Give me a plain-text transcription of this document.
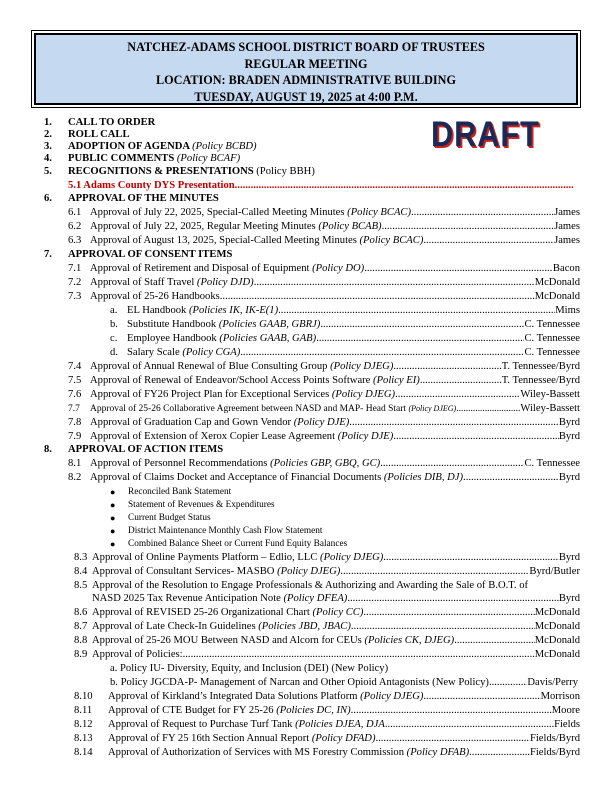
NATCHEZ-ADAMS SCHOOL DISTRICT BOARD OF TRUSTEES
REGULAR MEETING
LOCATION: BRADEN ADMINISTRATIVE BUILDING
TUESDAY, AUGUST 19, 2025 at 4:00 P.M.
DRAFT
1. CALL TO ORDER
2. ROLL CALL
3. ADOPTION OF AGENDA (Policy BCBD)
4. PUBLIC COMMENTS (Policy BCAF)
5. RECOGNITIONS & PRESENTATIONS (Policy BBH)
5.1 Adams County DYS Presentation
.....
6. APPROVAL OF THE MINUTES
6.1 Approval of July 22, 2025, Special-Called Meeting Minutes (Policy BCAC) .....	James
6.2 Approval of July 22, 2025, Regular Meeting Minutes (Policy BCAB) .....	James
6.3 Approval of August 13, 2025, Special-Called Meeting Minutes (Policy BCAC) .....	James
7. APPROVAL OF CONSENT ITEMS
7.1 Approval of Retirement and Disposal of Equipment (Policy DO) .....	Bacon
7.2 Approval of Staff Travel (Policy DJD) .....	McDonald
7.3 Approval of 25-26 Handbooks .....	McDonald
a. EL Handbook (Policies IK, IK-E(1) .....	Mims
b. Substitute Handbook (Policies GAAB, GBRJ) .....	C. Tennessee
c. Employee Handbook (Policies GAAB, GAB) .....	C. Tennessee
d. Salary Scale (Policy CGA) .....	C. Tennessee
7.4 Approval of Annual Renewal of Blue Consulting Group (Policy DJEG) .....	T. Tennessee/Byrd
7.5 Approval of Renewal of Endeavor/School Access Points Software (Policy EI) .....	T. Tennessee/Byrd
7.6 Approval of FY26 Project Plan for Exceptional Services (Policy DJEG) .....	Wiley-Bassett
7.7 Approval of 25-26 Collaborative Agreement between NASD and MAP- Head Start (Policy DJEG) .....	Wiley-Bassett
7.8 Approval of Graduation Cap and Gown Vendor (Policy DJE) .....	Byrd
7.9 Approval of Extension of Xerox Copier Lease Agreement (Policy DJE) .....	Byrd
8. APPROVAL OF ACTION ITEMS
8.1 Approval of Personnel Recommendations (Policies GBP, GBQ, GC) .....	C. Tennessee
8.2 Approval of Claims Docket and Acceptance of Financial Documents (Policies DIB, DJ) .....	Byrd
● Reconciled Bank Statement
● Statement of Revenues & Expenditures
● Current Budget Status
● District Maintenance Monthly Cash Flow Statement
● Combined Balance Sheet or Current Fund Equity Balances
8.3 Approval of Online Payments Platform – Edlio, LLC (Policy DJEG) .....	Byrd
8.4 Approval of Consultant Services- MASBO (Policy DJEG) .....	Byrd/Butler
8.5 Approval of the Resolution to Engage Professionals & Authorizing and Awarding the Sale of B.O.T. of
NASD 2025 Tax Revenue Anticipation Note (Policy DFEA) .....	Byrd
8.6 Approval of REVISED 25-26 Organizational Chart (Policy CC) .....	McDonald
8.7 Approval of Late Check-In Guidelines (Policies JBD, JBAC) .....	McDonald
8.8 Approval of 25-26 MOU Between NASD and Alcorn for CEUs (Policies CK, DJEG) .....	McDonald
8.9 Approval of Policies: .....	McDonald
a. Policy IU- Diversity, Equity, and Inclusion (DEI) (New Policy)
b. Policy JGCDA-P- Management of Narcan and Other Opioid Antagonists (New Policy) .....	Davis/Perry
8.10 Approval of Kirkland’s Integrated Data Solutions Platform (Policy DJEG) .....	Morrison
8.11 Approval of CTE Budget for FY 25-26 (Policies DC, IN) .....	Moore
8.12 Approval of Request to Purchase Turf Tank (Policies DJEA, DJA .....	Fields
8.13 Approval of FY 25 16th Section Annual Report (Policy DFAD) .....	Fields/Byrd
8.14 Approval of Authorization of Services with MS Forestry Commission (Policy DFAB) .....	Fields/Byrd
